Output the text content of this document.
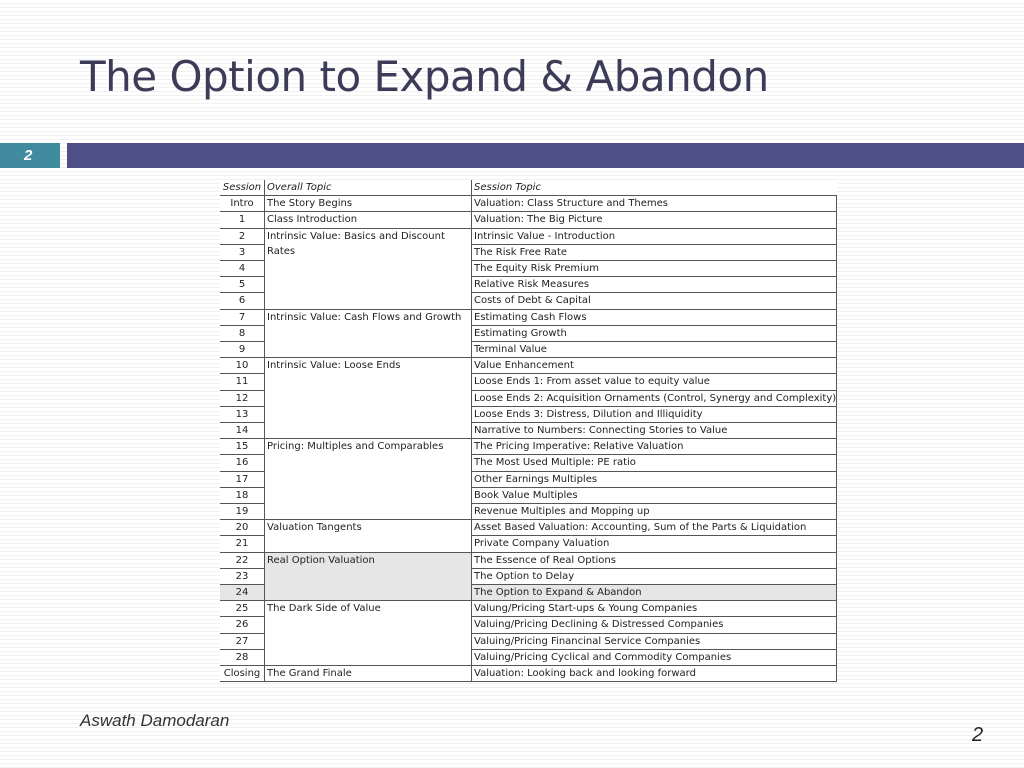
The Option to Expand & Abandon
2
Session	Overall Topic	Session Topic
Intro	The Story Begins	Valuation: Class Structure and Themes
1	Class Introduction	Valuation: The Big Picture
2	Intrinsic Value: Basics and Discount Rates	Intrinsic Value - Introduction
3		The Risk Free Rate
4		The Equity Risk Premium
5		Relative Risk Measures
6		Costs of Debt & Capital
7	Intrinsic Value: Cash Flows and Growth	Estimating Cash Flows
8		Estimating Growth
9		Terminal Value
10	Intrinsic Value: Loose Ends	Value Enhancement
11		Loose Ends 1: From asset value to equity value
12		Loose Ends 2: Acquisition Ornaments (Control, Synergy and Complexity)
13		Loose Ends 3: Distress, Dilution and Illiquidity
14		Narrative to Numbers: Connecting Stories to Value
15	Pricing: Multiples and Comparables	The Pricing Imperative: Relative Valuation
16		The Most Used Multiple: PE ratio
17		Other Earnings Multiples
18		Book Value Multiples
19		Revenue Multiples and Mopping up
20	Valuation Tangents	Asset Based Valuation: Accounting, Sum of the Parts & Liquidation
21		Private Company Valuation
22	Real Option Valuation	The Essence of Real Options
23		The Option to Delay
24		The Option to Expand & Abandon
25	The Dark Side of Value	Valung/Pricing Start-ups & Young Companies
26		Valuing/Pricing Declining & Distressed Companies
27		Valuing/Pricing Financinal Service Companies
28		Valuing/Pricing Cyclical and Commodity Companies
Closing	The Grand Finale	Valuation: Looking back and looking forward
Aswath Damodaran
2
